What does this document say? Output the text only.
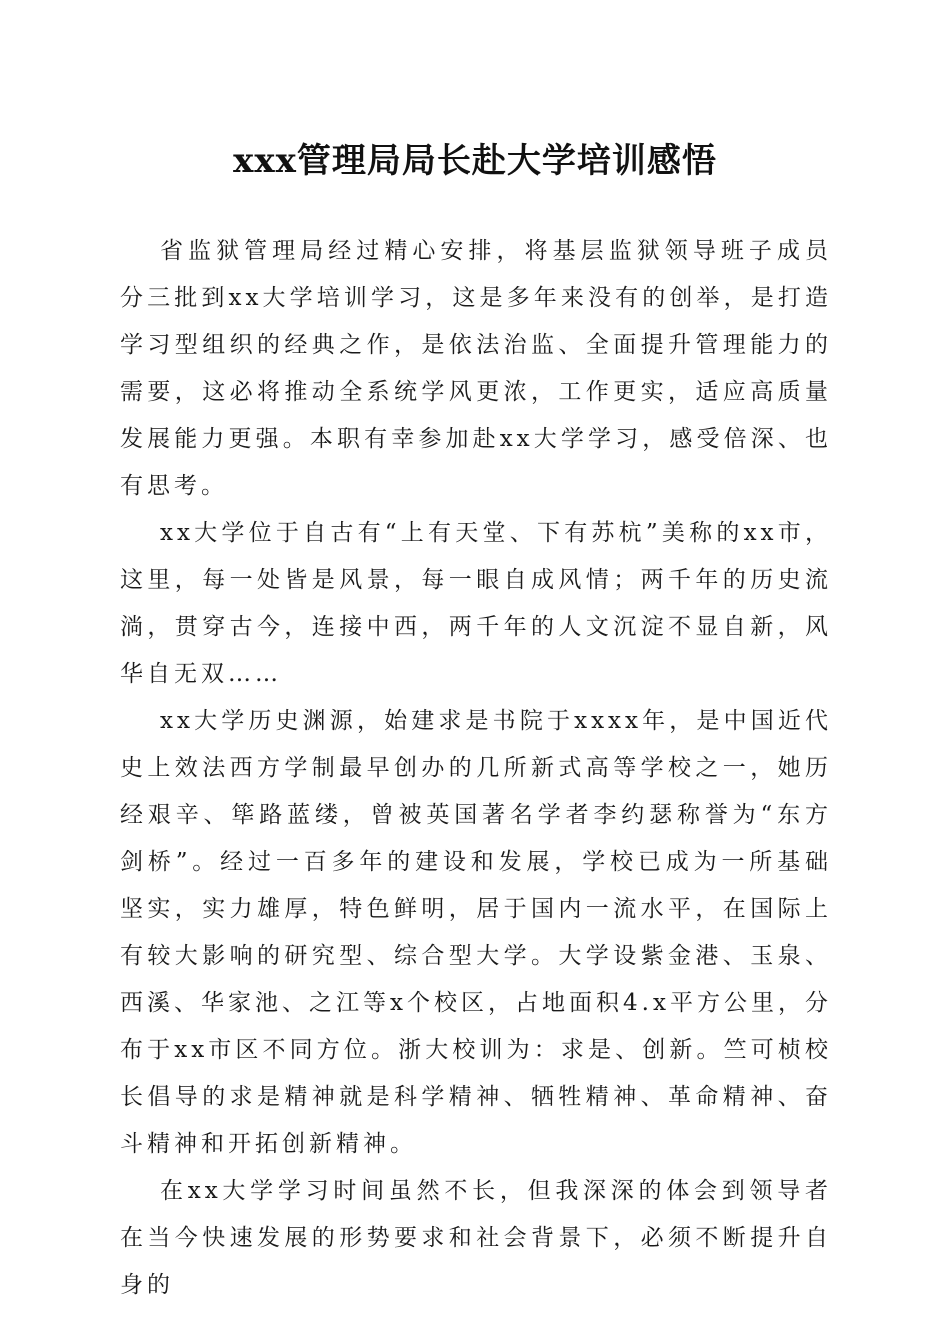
xxx管理局局长赴大学培训感悟

省监狱管理局经过精心安排，将基层监狱领导班子成员分三批到xx大学培训学习，这是多年来没有的创举，是打造学习型组织的经典之作，是依法治监、全面提升管理能力的需要，这必将推动全系统学风更浓，工作更实，适应高质量发展能力更强。本职有幸参加赴xx大学学习，感受倍深、也有思考。

xx大学位于自古有“上有天堂、下有苏杭”美称的xx市，这里，每一处皆是风景，每一眼自成风情；两千年的历史流淌，贯穿古今，连接中西，两千年的人文沉淀不显自新，风华自无双……

xx大学历史渊源，始建求是书院于xxxx年，是中国近代史上效法西方学制最早创办的几所新式高等学校之一，她历经艰辛、筚路蓝缕，曾被英国著名学者李约瑟称誉为“东方剑桥”。经过一百多年的建设和发展，学校已成为一所基础坚实，实力雄厚，特色鲜明，居于国内一流水平，在国际上有较大影响的研究型、综合型大学。大学设紫金港、玉泉、西溪、华家池、之江等x个校区，占地面积4.x平方公里，分布于xx市区不同方位。浙大校训为：求是、创新。竺可桢校长倡导的求是精神就是科学精神、牺牲精神、革命精神、奋斗精神和开拓创新精神。

在xx大学学习时间虽然不长，但我深深的体会到领导者在当今快速发展的形势要求和社会背景下，必须不断提升自身的
